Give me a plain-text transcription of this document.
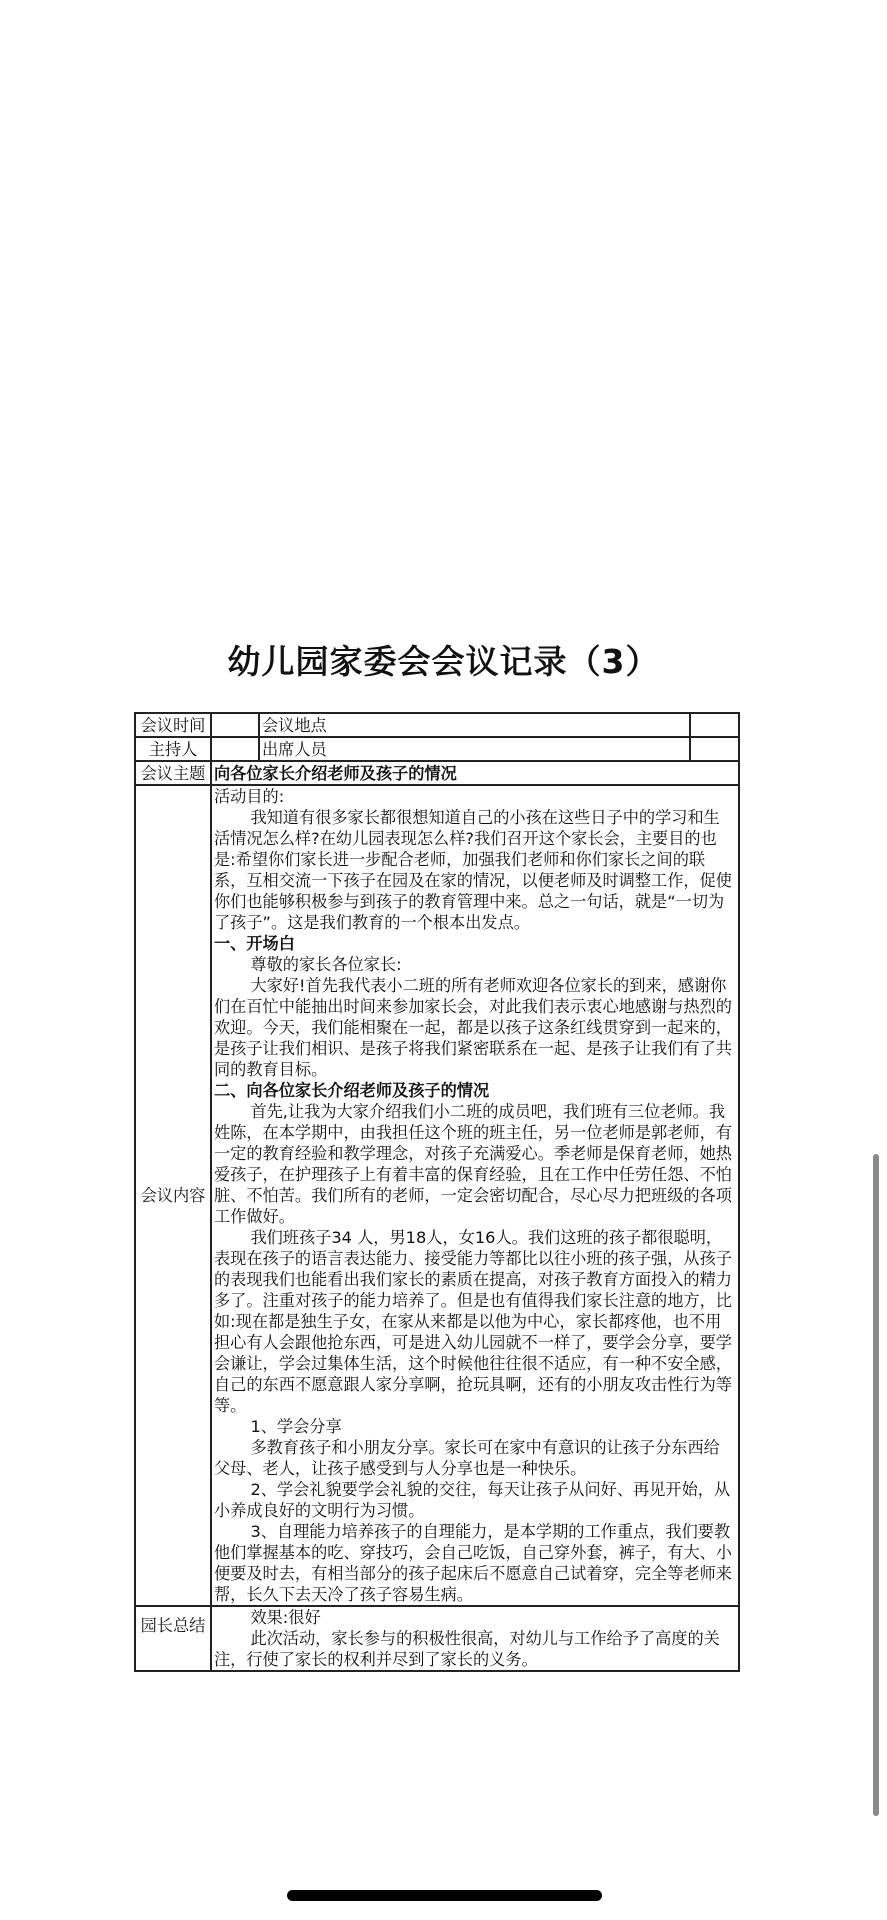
幼儿园家委会会议记录（3）
会议时间		会议地点	
主持人		出席人员	
会议主题	向各位家长介绍老师及孩子的情况		
会议内容	

活动目的:

我知道有很多家长都很想知道自己的小孩在这些日子中的学习和生活情况怎么样?在幼儿园表现怎么样?我们召开这个家长会，主要目的也是:希望你们家长进一步配合老师，加强我们老师和你们家长之间的联系，互相交流一下孩子在园及在家的情况，以便老师及时调整工作，促使你们也能够积极参与到孩子的教育管理中来。总之一句话，就是“一切为了孩子”。这是我们教育的一个根本出发点。

一、开场白

尊敬的家长各位家长:

大家好!首先我代表小二班的所有老师欢迎各位家长的到来，感谢你们在百忙中能抽出时间来参加家长会，对此我们表示衷心地感谢与热烈的欢迎。今天，我们能相聚在一起，都是以孩子这条红线贯穿到一起来的，是孩子让我们相识、是孩子将我们紧密联系在一起、是孩子让我们有了共同的教育目标。

二、向各位家长介绍老师及孩子的情况

首先,让我为大家介绍我们小二班的成员吧，我们班有三位老师。我姓陈，在本学期中，由我担任这个班的班主任，另一位老师是郭老师，有一定的教育经验和教学理念，对孩子充满爱心。季老师是保育老师，她热爱孩子，在护理孩子上有着丰富的保育经验，且在工作中任劳任怨、不怕脏、不怕苦。我们所有的老师，一定会密切配合，尽心尽力把班级的各项工作做好。

我们班孩子34 人，男18人，女16人。我们这班的孩子都很聪明，表现在孩子的语言表达能力、接受能力等都比以往小班的孩子强，从孩子的表现我们也能看出我们家长的素质在提高，对孩子教育方面投入的精力多了。注重对孩子的能力培养了。但是也有值得我们家长注意的地方，比如:现在都是独生子女，在家从来都是以他为中心，家长都疼他，也不用担心有人会跟他抢东西，可是进入幼儿园就不一样了，要学会分享，要学会谦让，学会过集体生活，这个时候他往往很不适应，有一种不安全感，自己的东西不愿意跟人家分享啊，抢玩具啊，还有的小朋友攻击性行为等等。

1、学会分享

多教育孩子和小朋友分享。家长可在家中有意识的让孩子分东西给父母、老人，让孩子感受到与人分享也是一种快乐。

2、学会礼貌要学会礼貌的交往，每天让孩子从问好、再见开始，从小养成良好的文明行为习惯。

3、自理能力培养孩子的自理能力，是本学期的工作重点，我们要教他们掌握基本的吃、穿技巧，会自己吃饭，自己穿外套，裤子，有大、小便要及时去，有相当部分的孩子起床后不愿意自己试着穿，完全等老师来帮，长久下去天冷了孩子容易生病。

园长总结	效果:很好

此次活动，家长参与的积极性很高，对幼儿与工作给予了高度的关注，行使了家长的权利并尽到了家长的义务。		
